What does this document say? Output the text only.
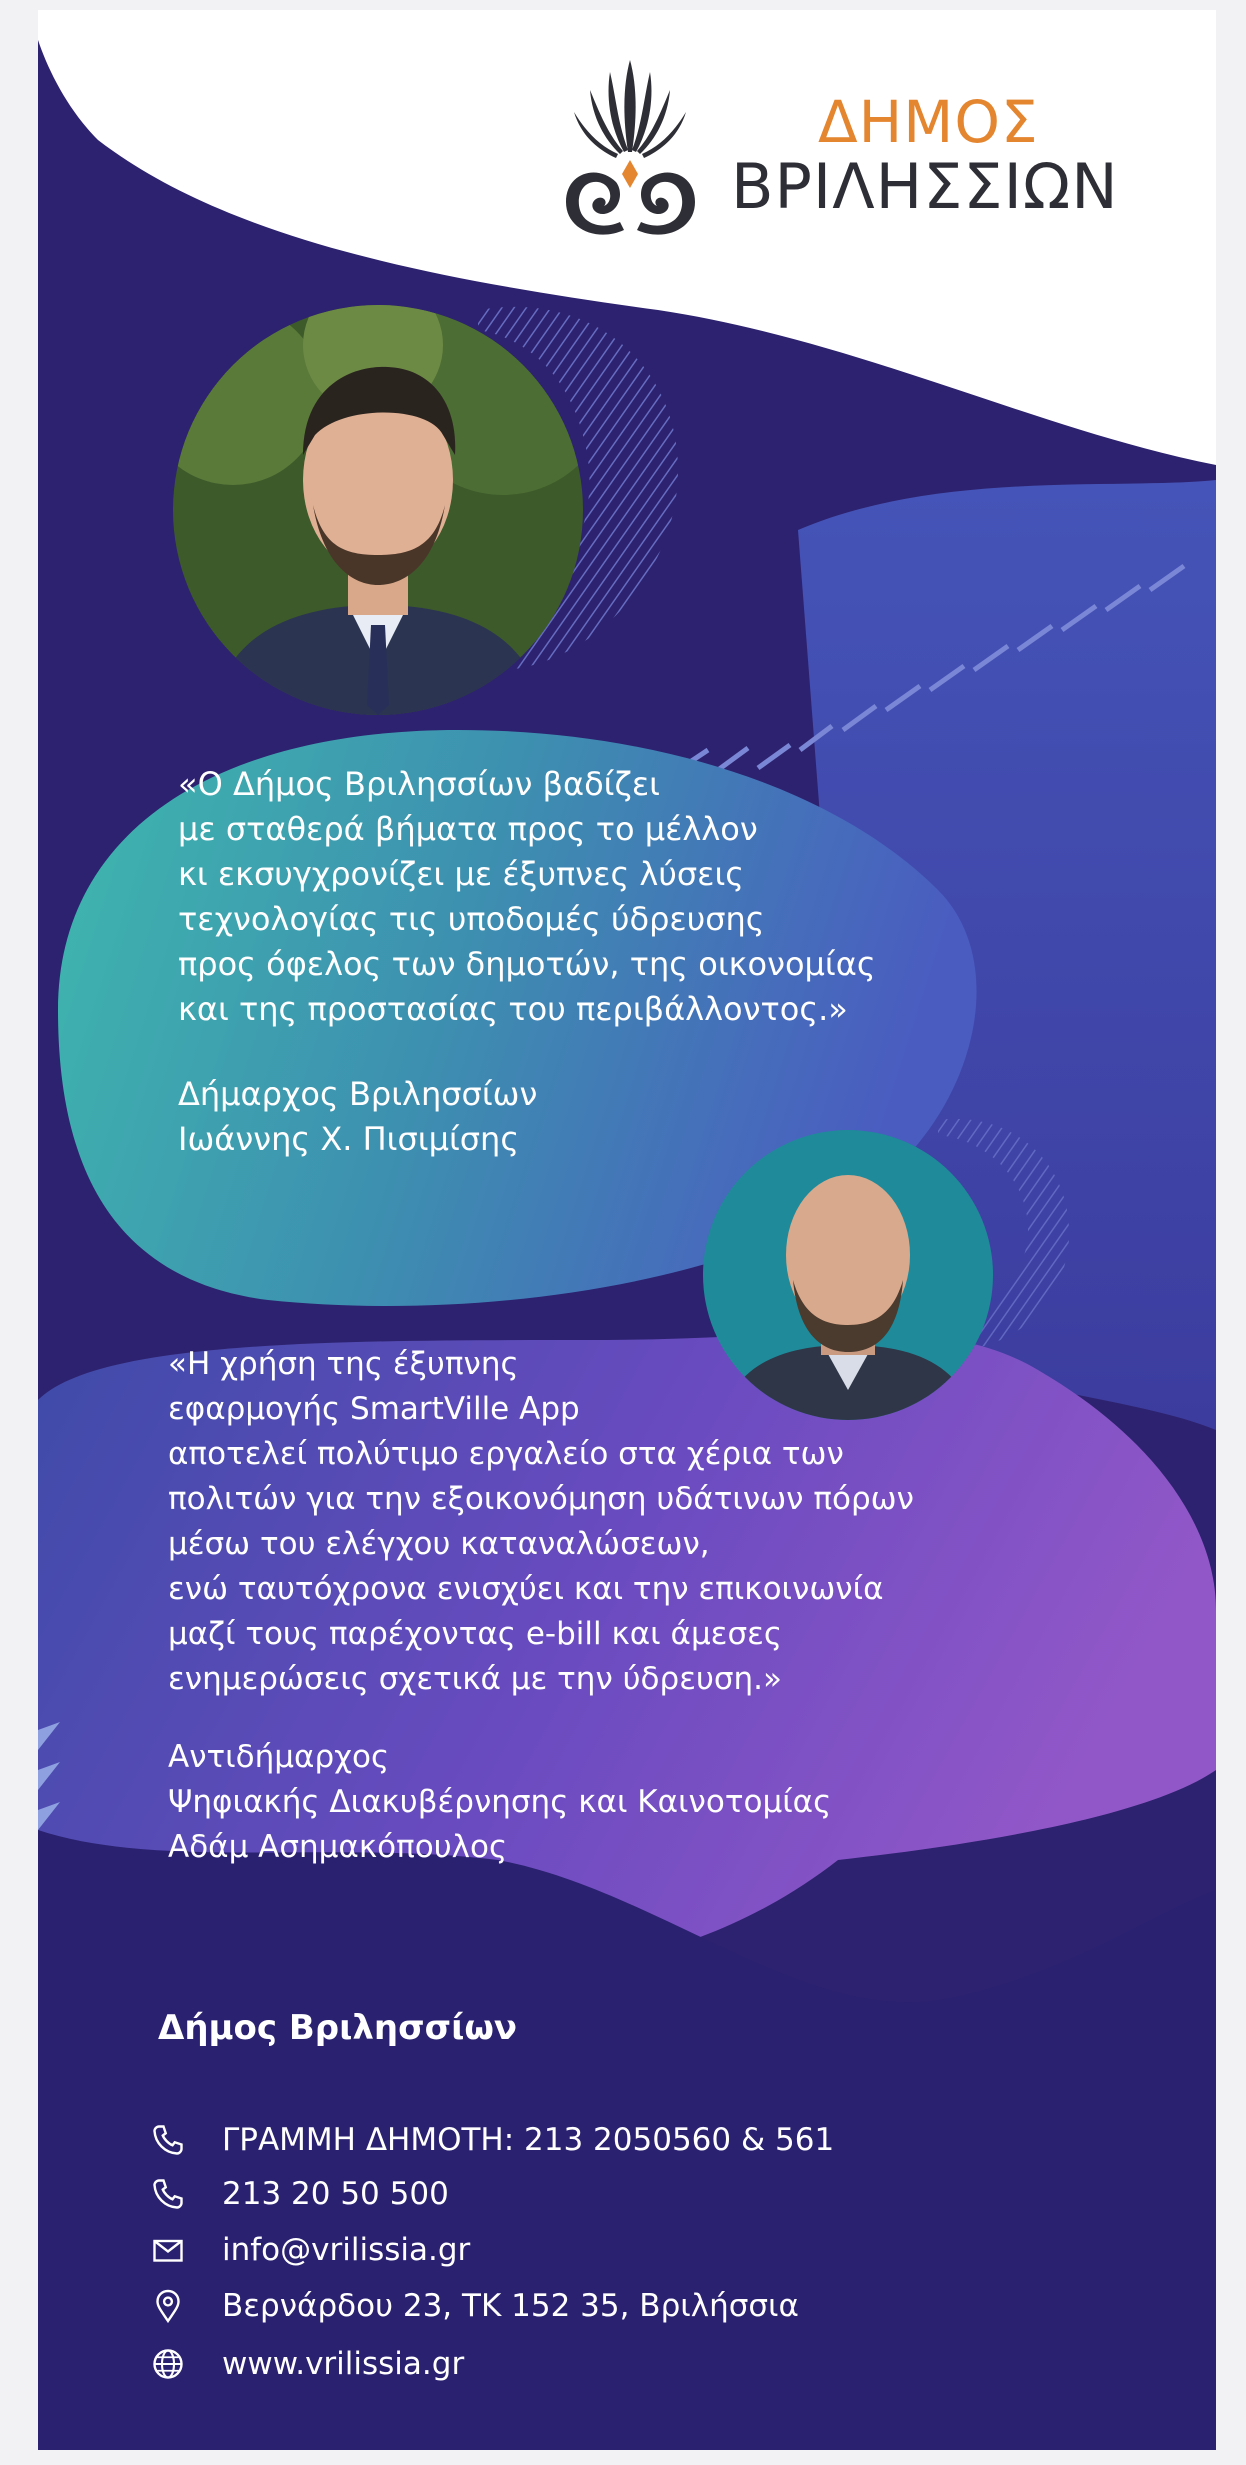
ΔΗΜΟΣ
ΒΡΙΛΗΣΣΙΩΝ

«Ο Δήμος Βριλησσίων βαδίζει

με σταθερά βήματα προς το μέλλον

κι εκσυγχρονίζει με έξυπνες λύσεις

τεχνολογίας τις υποδομές ύδρευσης

προς όφελος των δημοτών, της οικονομίας

και της προστασίας του περιβάλλοντος.»

Δήμαρχος Βριλησσίων
Ιωάννης Χ. Πισιμίσης

«Η χρήση της έξυπνης

εφαρμογής SmartVille App

αποτελεί πολύτιμο εργαλείο στα χέρια των

πολιτών για την εξοικονόμηση υδάτινων πόρων

μέσω του ελέγχου καταναλώσεων,

ενώ ταυτόχρονα ενισχύει και την επικοινωνία

μαζί τους παρέχοντας e-bill και άμεσες

ενημερώσεις σχετικά με την ύδρευση.»

Αντιδήμαρχος
Ψηφιακής Διακυβέρνησης και Καινοτομίας
Αδάμ Ασημακόπουλος
Δήμος Βριλησσίων
ΓΡΑΜΜΗ ΔΗΜΟΤΗ: 213 2050560 & 561
213 20 50 500
info@vrilissia.gr
Βερνάρδου 23, ΤΚ 152 35, Βριλήσσια
www.vrilissia.gr
